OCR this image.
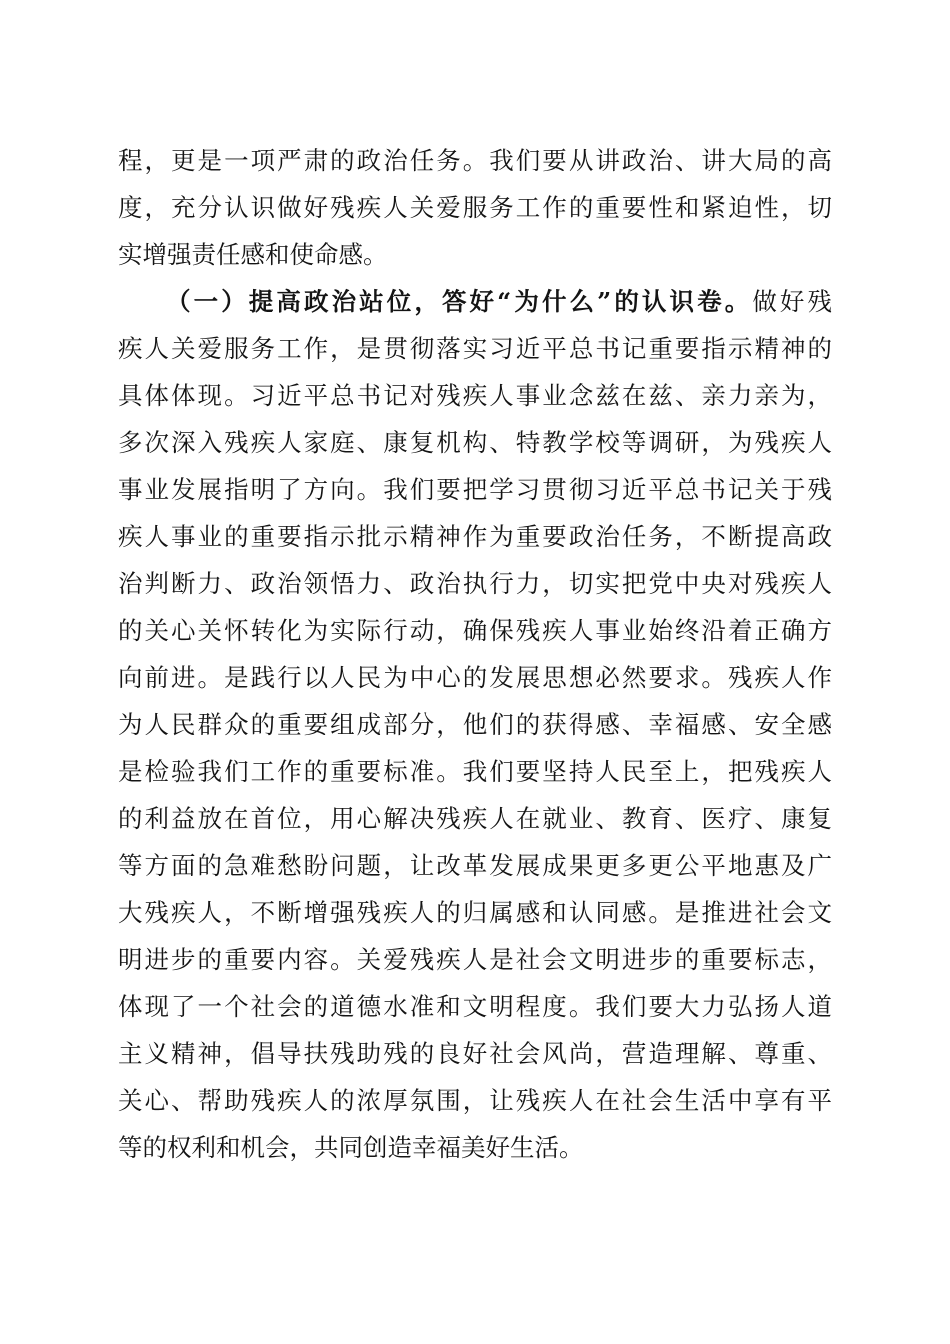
程，更是一项严肃的政治任务。我们要从讲政治、讲大局的高
度，充分认识做好残疾人关爱服务工作的重要性和紧迫性，切
实增强责任感和使命感。
（一）提高政治站位，答好“为什么”的认识卷。做好残
疾人关爱服务工作，是贯彻落实习近平总书记重要指示精神的
具体体现。习近平总书记对残疾人事业念兹在兹、亲力亲为，
多次深入残疾人家庭、康复机构、特教学校等调研，为残疾人
事业发展指明了方向。我们要把学习贯彻习近平总书记关于残
疾人事业的重要指示批示精神作为重要政治任务，不断提高政
治判断力、政治领悟力、政治执行力，切实把党中央对残疾人
的关心关怀转化为实际行动，确保残疾人事业始终沿着正确方
向前进。是践行以人民为中心的发展思想必然要求。残疾人作
为人民群众的重要组成部分，他们的获得感、幸福感、安全感
是检验我们工作的重要标准。我们要坚持人民至上，把残疾人
的利益放在首位，用心解决残疾人在就业、教育、医疗、康复
等方面的急难愁盼问题，让改革发展成果更多更公平地惠及广
大残疾人，不断增强残疾人的归属感和认同感。是推进社会文
明进步的重要内容。关爱残疾人是社会文明进步的重要标志，
体现了一个社会的道德水准和文明程度。我们要大力弘扬人道
主义精神，倡导扶残助残的良好社会风尚，营造理解、尊重、
关心、帮助残疾人的浓厚氛围，让残疾人在社会生活中享有平
等的权利和机会，共同创造幸福美好生活。
